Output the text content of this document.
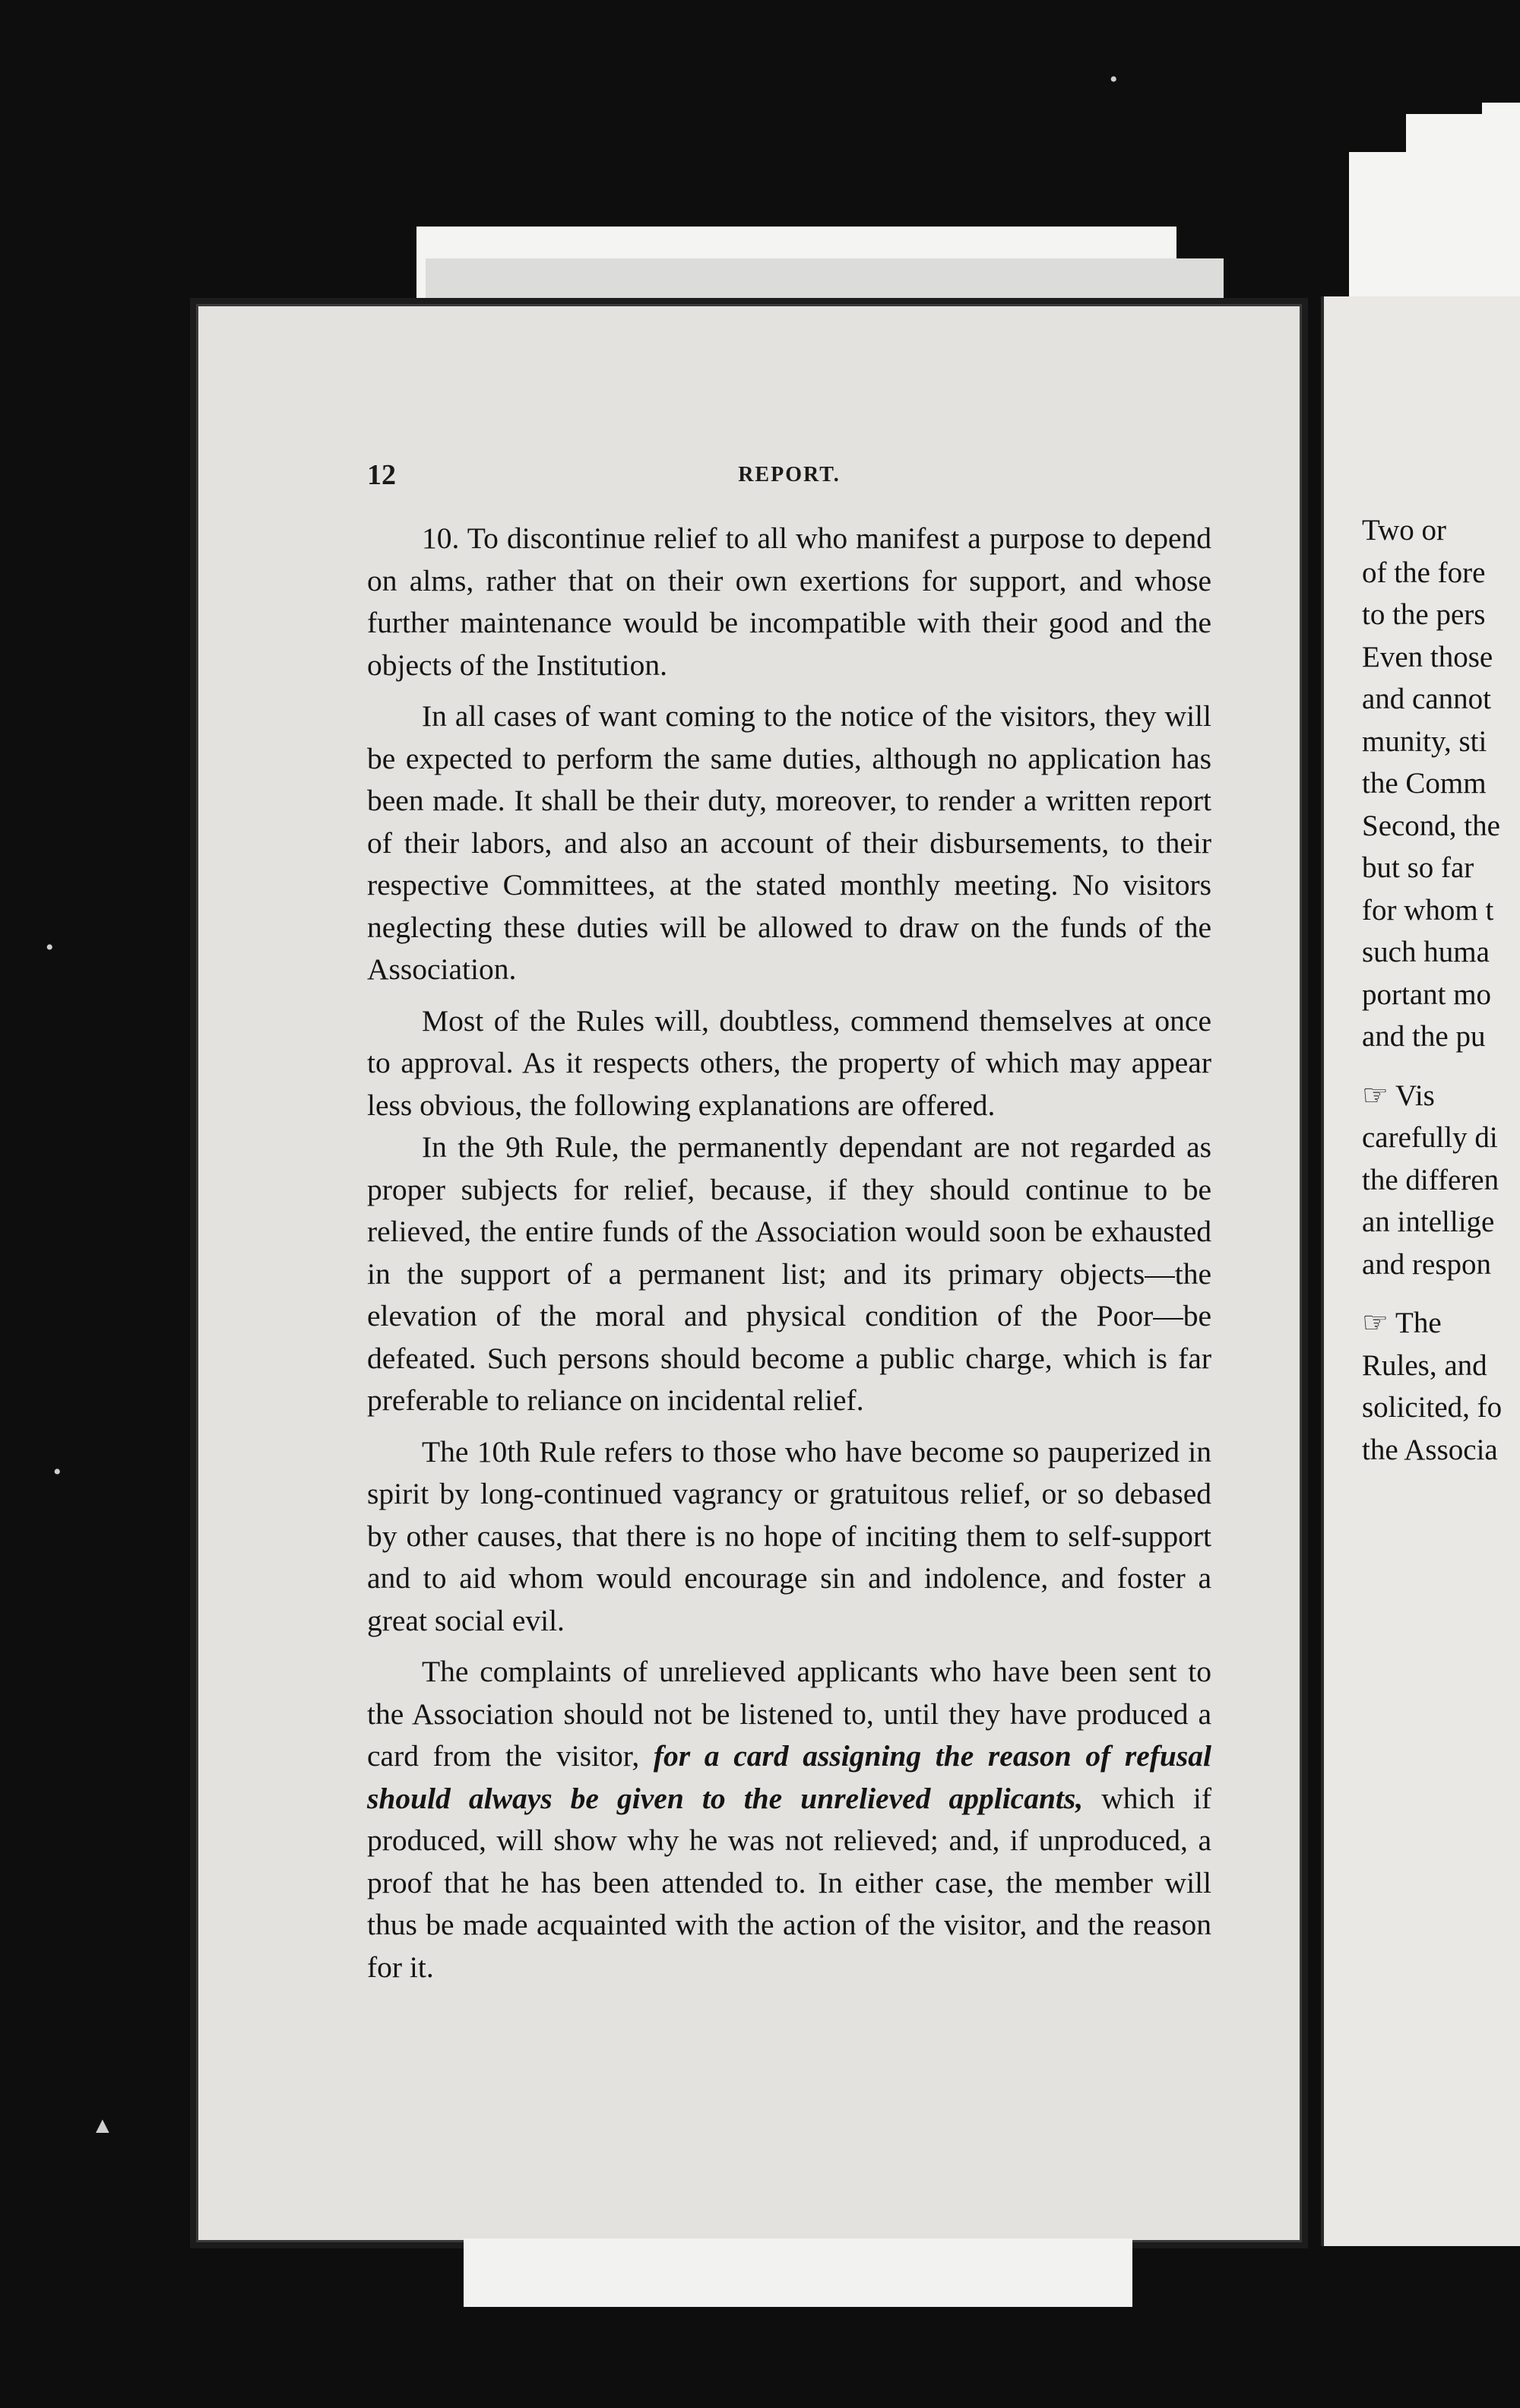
12	REPORT.

10. To discontinue relief to all who manifest a purpose to depend on alms, rather that on their own exertions for support, and whose further maintenance would be incompatible with their good and the objects of the Institution.

In all cases of want coming to the notice of the visitors, they will be expected to perform the same duties, although no application has been made. It shall be their duty, moreover, to render a written report of their labors, and also an account of their disbursements, to their respective Committees, at the stated monthly meeting. No visitors neglecting these duties will be allowed to draw on the funds of the Association.

Most of the Rules will, doubtless, commend themselves at once to approval. As it respects others, the property of which may appear less obvious, the following explanations are offered.

In the 9th Rule, the permanently dependant are not regarded as proper subjects for relief, because, if they should continue to be relieved, the entire funds of the Association would soon be exhausted in the support of a permanent list; and its primary objects—the elevation of the moral and physical condition of the Poor—be defeated. Such persons should become a public charge, which is far preferable to reliance on incidental relief.

The 10th Rule refers to those who have become so pauperized in spirit by long-continued vagrancy or gratuitous relief, or so debased by other causes, that there is no hope of inciting them to self-support and to aid whom would encourage sin and indolence, and foster a great social evil.

The complaints of unrelieved applicants who have been sent to the Association should not be listened to, until they have produced a card from the visitor, for a card assigning the reason of refusal should always be given to the unrelieved applicants, which if produced, will show why he was not relieved; and, if unproduced, a proof that he has been attended to. In either case, the member will thus be made acquainted with the action of the visitor, and the reason for it.

Two or
of the fore
to the pers
Even those
and cannot
munity, sti
the Comm
Second, the
but so far
for whom t
such huma
portant mo
and the pu
☞ Vis
carefully di
the differen
an intellige
and respon
☞ The
Rules, and
solicited, fo
the Associa
•
•
•
▲
